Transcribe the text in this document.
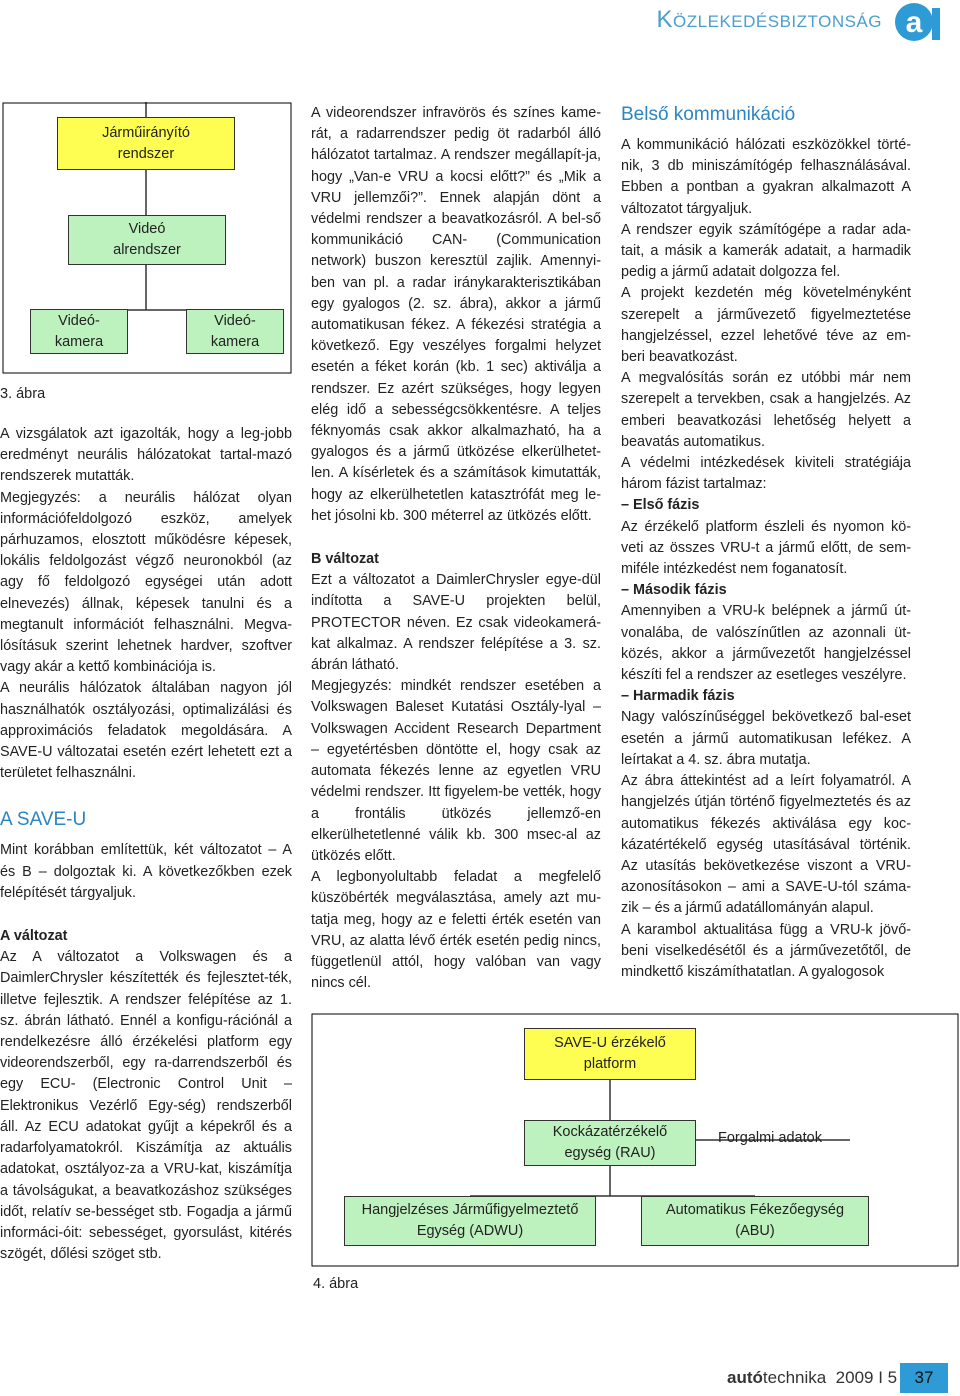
Közlekedésbiztonság a
Járműirányító
rendszer
Videó
alrendszer
Videó-
kamera
Videó-
kamera
3. ábra

A vizsgálatok azt igazolták, hogy a leg-jobb eredményt neurális hálózatokat tartal-mazó rendszerek mutatták.

Megjegyzés: a neurális hálózat olyan információfeldolgozó eszköz, amelyek párhuzamos, elosztott működésre képesek, lokális feldolgozást végző neuronokból (az agy fő feldolgozó egységei után adott elnevezés) állnak, képesek tanulni és a megtanult információt felhasználni. Megva-lósításuk szerint lehetnek hardver, szoftver vagy akár a kettő kombinációja is.

A neurális hálózatok általában nagyon jól használhatók osztályozási, optimalizálási és approximációs feladatok megoldására. A SAVE-U változatai esetén ezért lehetett ezt a területet felhasználni.

A SAVE-U

Mint korábban említettük, két változatot – A és B – dolgoztak ki. A következőkben ezek felépítését tárgyaljuk.

A változat

Az A változatot a Volkswagen és a DaimlerChrysler készítették és fejlesztet-ték, illetve fejlesztik. A rendszer felépítése az 1. sz. ábrán látható. Ennél a konfigu-rációnál a rendelkezésre álló érzékelési platform egy videorendszerből, egy ra-darrendszerből és egy ECU- (Electronic Control Unit – Elektronikus Vezérlő Egy-ség) rendszerből áll. Az ECU adatokat gyűjt a képekről és a radarfolyamatokról. Kiszámítja az aktuális adatokat, osztályoz-za a VRU-kat, kiszámítja a távolságukat, a beavatkozáshoz szükséges időt, relatív se-bességet stb. Fogadja a jármű informáci-óit: sebességet, gyorsulást, kitérés szögét, dőlési szöget stb.

A videorendszer infravörös és színes kame-rát, a radarrendszer pedig öt radarból álló hálózatot tartalmaz. A rendszer megállapít-ja, hogy „Van-e VRU a kocsi előtt?” és „Mik a VRU jellemzői?”. Ennek alapján dönt a védelmi rendszer a beavatkozásról. A bel-ső kommunikáció CAN- (Communication network) buszon keresztül zajlik. Amennyi-ben van pl. a radar iránykarakterisztikában egy gyalogos (2. sz. ábra), akkor a jármű automatikusan fékez. A fékezési stratégia a következő. Egy veszélyes forgalmi helyzet esetén a féket korán (kb. 1 sec) aktiválja a rendszer. Ez azért szükséges, hogy legyen elég idő a sebességcsökkentésre. A teljes féknyomás csak akkor alkalmazható, ha a gyalogos és a jármű ütközése elkerülhetet-len. A kísérletek és a számítások kimutatták, hogy az elkerülhetetlen katasztrófát meg le-het jósolni kb. 300 méterrel az ütközés előtt.

B változat

Ezt a változatot a DaimlerChrysler egye-dül indította a SAVE-U projekten belül, PROTECTOR néven. Ez csak videokamerá-kat alkalmaz. A rendszer felépítése a 3. sz. ábrán látható.

Megjegyzés: mindkét rendszer esetében a Volkswagen Baleset Kutatási Osztály-lyal – Volkswagen Accident Research Department – egyetértésben döntötte el, hogy csak az automata fékezés lenne az egyetlen VRU védelmi rendszer. Itt figyelem-be vették, hogy a frontális ütközés jellemző-en elkerülhetetlenné válik kb. 300 msec-al az ütközés előtt.

A legbonyolultabb feladat a megfelelő küszöbérték megválasztása, amely azt mu-tatja meg, hogy az e feletti érték esetén van VRU, az alatta lévő érték esetén pedig nincs, függetlenül attól, hogy valóban van vagy nincs cél.

Belső kommunikáció

A kommunikáció hálózati eszközökkel törté-nik, 3 db miniszámítógép felhasználásával. Ebben a pontban a gyakran alkalmazott A változatot tárgyaljuk.

A rendszer egyik számítógépe a radar ada-tait, a másik a kamerák adatait, a harmadik pedig a jármű adatait dolgozza fel.

A projekt kezdetén még követelményként szerepelt a járművezető figyelmeztetése hangjelzéssel, ezzel lehetővé téve az em-beri beavatkozást.

A megvalósítás során ez utóbbi már nem szerepelt a tervekben, csak a hangjelzés. Az emberi beavatkozási lehetőség helyett a beavatás automatikus.

A védelmi intézkedések kiviteli stratégiája három fázist tartalmaz:

– Első fázis

Az érzékelő platform észleli és nyomon kö-veti az összes VRU-t a jármű előtt, de sem-miféle intézkedést nem foganatosít.

– Második fázis

Amennyiben a VRU-k belépnek a jármű út-vonalába, de valószínűtlen az azonnali üt-közés, akkor a járművezetőt hangjelzéssel készíti fel a rendszer az esetleges veszélyre.

– Harmadik fázis

Nagy valószínűséggel bekövetkező bal-eset esetén a jármű automatikusan lefékez. A leírtakat a 4. sz. ábra mutatja.

Az ábra áttekintést ad a leírt folyamatról. A hangjelzés útján történő figyelmeztetés és az automatikus fékezés aktiválása egy koc-kázatértékelő egység utasításával történik. Az utasítás bekövetkezése viszont a VRU-azonosításokon – ami a SAVE-U-tól száma-zik – és a jármű adatállományán alapul.

A karambol aktualitása függ a VRU-k jövő-beni viselkedésétől és a járművezetőtől, de mindkettő kiszámíthatatlan. A gyalogosok

SAVE-U érzékelő
platform
Kockázatérzékelő
egység (RAU)
Forgalmi adatok
Hangjelzéses Járműfigyelmeztető
Egység (ADWU)
Automatikus Fékezőegység
(ABU)
4. ábra
autótechnika 2009 I 5	37
